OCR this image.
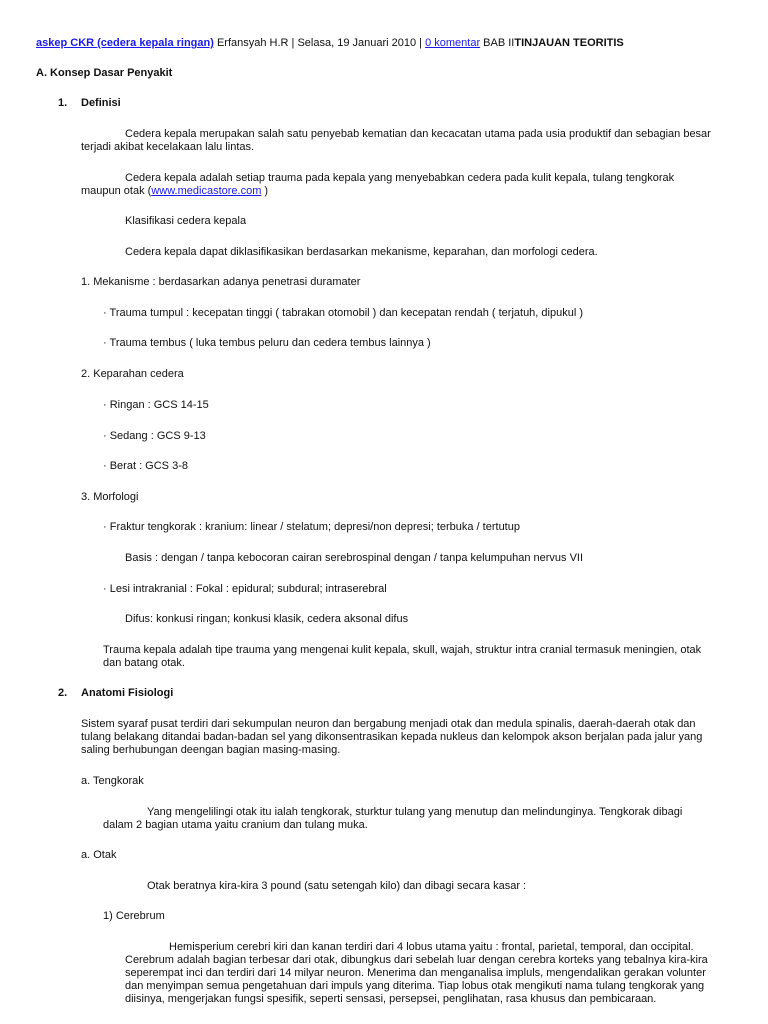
askep CKR (cedera kepala ringan) Erfansyah H.R | Selasa, 19 Januari 2010 | 0 komentar BAB IITINJAUAN TEORITIS
A. Konsep Dasar Penyakit
1. Definisi
Cedera kepala merupakan salah satu penyebab kematian dan kecacatan utama pada usia produktif dan sebagian besar
terjadi akibat kecelakaan lalu lintas.
Cedera kepala adalah setiap trauma pada kepala yang menyebabkan cedera pada kulit kepala, tulang tengkorak
maupun otak (www.medicastore.com )
Klasifikasi cedera kepala
Cedera kepala dapat diklasifikasikan berdasarkan mekanisme, keparahan, dan morfologi cedera.
1. Mekanisme : berdasarkan adanya penetrasi duramater
· Trauma tumpul : kecepatan tinggi ( tabrakan otomobil ) dan kecepatan rendah ( terjatuh, dipukul )
· Trauma tembus ( luka tembus peluru dan cedera tembus lainnya )
2. Keparahan cedera
· Ringan : GCS 14-15
· Sedang : GCS 9-13
· Berat : GCS 3-8
3. Morfologi
· Fraktur tengkorak : kranium: linear / stelatum; depresi/non depresi; terbuka / tertutup
Basis : dengan / tanpa kebocoran cairan serebrospinal dengan / tanpa kelumpuhan nervus VII
· Lesi intrakranial : Fokal : epidural; subdural; intraserebral
Difus: konkusi ringan; konkusi klasik, cedera aksonal difus
Trauma kepala adalah tipe trauma yang mengenai kulit kepala, skull, wajah, struktur intra cranial termasuk meningien, otak
dan batang otak.
2. Anatomi Fisiologi
Sistem syaraf pusat terdiri dari sekumpulan neuron dan bergabung menjadi otak dan medula spinalis, daerah-daerah otak dan
tulang belakang ditandai badan-badan sel yang dikonsentrasikan kepada nukleus dan kelompok akson berjalan pada jalur yang
saling berhubungan deengan bagian masing-masing.
a. Tengkorak
Yang mengelilingi otak itu ialah tengkorak, sturktur tulang yang menutup dan melindunginya. Tengkorak dibagi
dalam 2 bagian utama yaitu cranium dan tulang muka.
a. Otak
Otak beratnya kira-kira 3 pound (satu setengah kilo) dan dibagi secara kasar :
1) Cerebrum
Hemisperium cerebri kiri dan kanan terdiri dari 4 lobus utama yaitu : frontal, parietal, temporal, dan occipital.
Cerebrum adalah bagian terbesar dari otak, dibungkus dari sebelah luar dengan cerebra korteks yang tebalnya kira-kira
seperempat inci dan terdiri dari 14 milyar neuron. Menerima dan menganalisa impluls, mengendalikan gerakan volunter
dan menyimpan semua pengetahuan dari impuls yang diterima. Tiap lobus otak mengikuti nama tulang tengkorak yang
diisinya, mengerjakan fungsi spesifik, seperti sensasi, persepsei, penglihatan, rasa khusus dan pembicaraan.
